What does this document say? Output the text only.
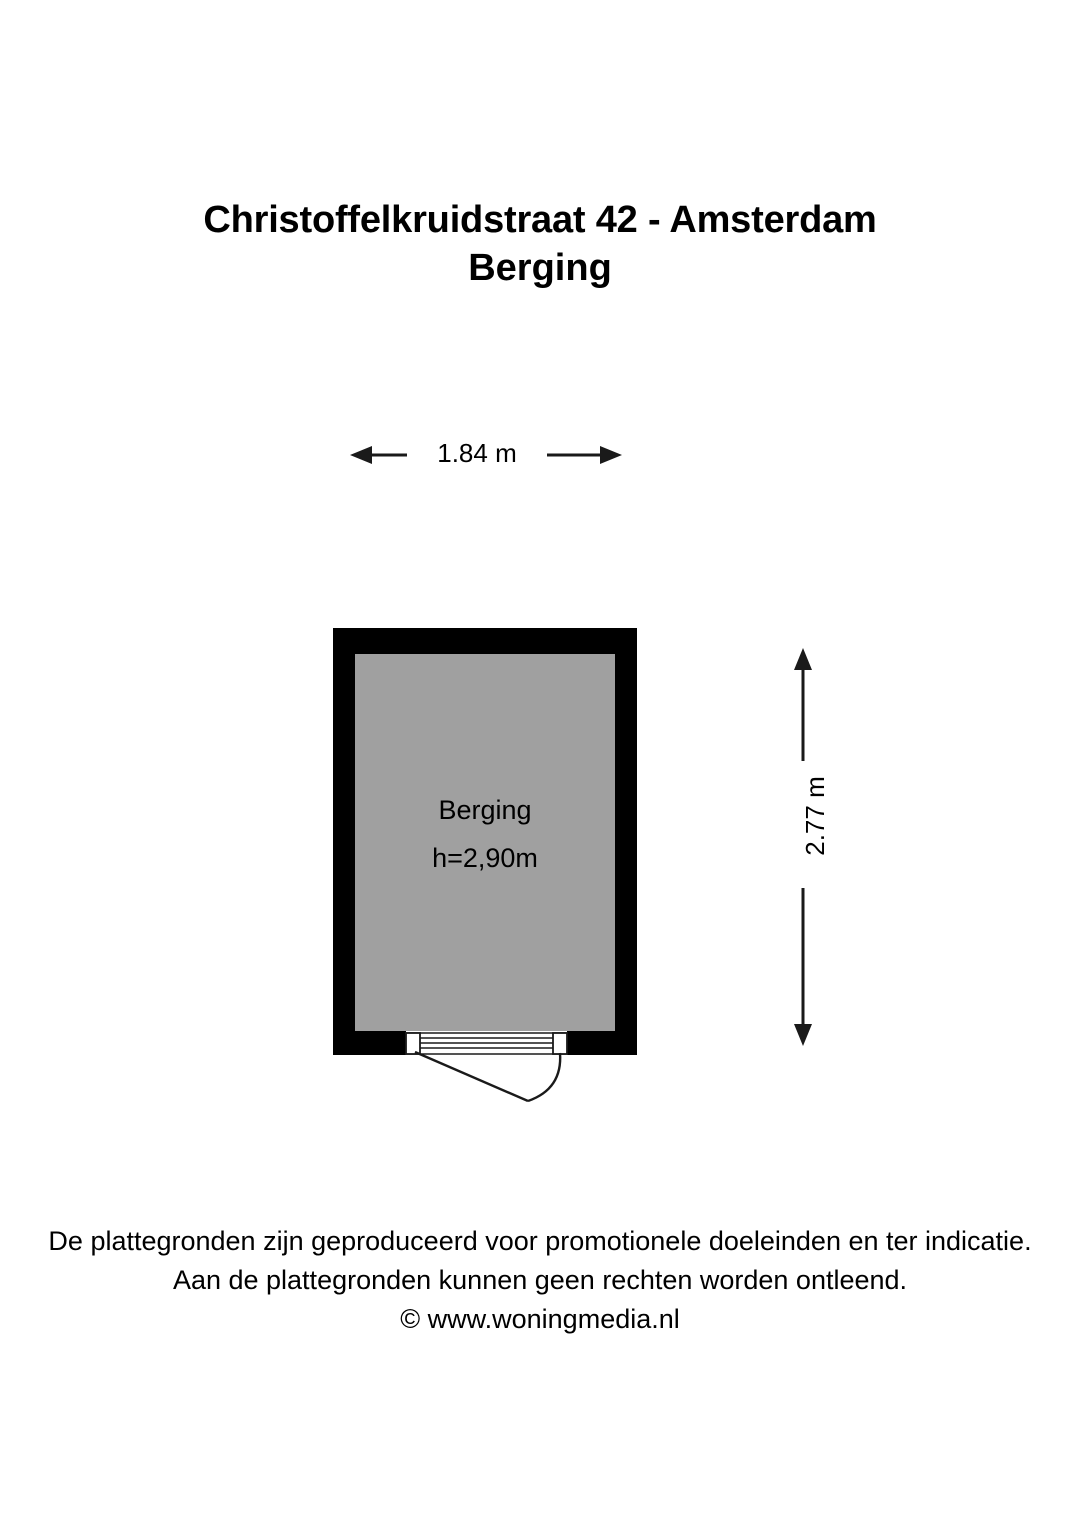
Christoffelkruidstraat 42 - Amsterdam
Berging
1.84 m
2.77 m
Berging
h=2,90m
De plattegronden zijn geproduceerd voor promotionele doeleinden en ter indicatie.
Aan de plattegronden kunnen geen rechten worden ontleend.
© www.woningmedia.nl
